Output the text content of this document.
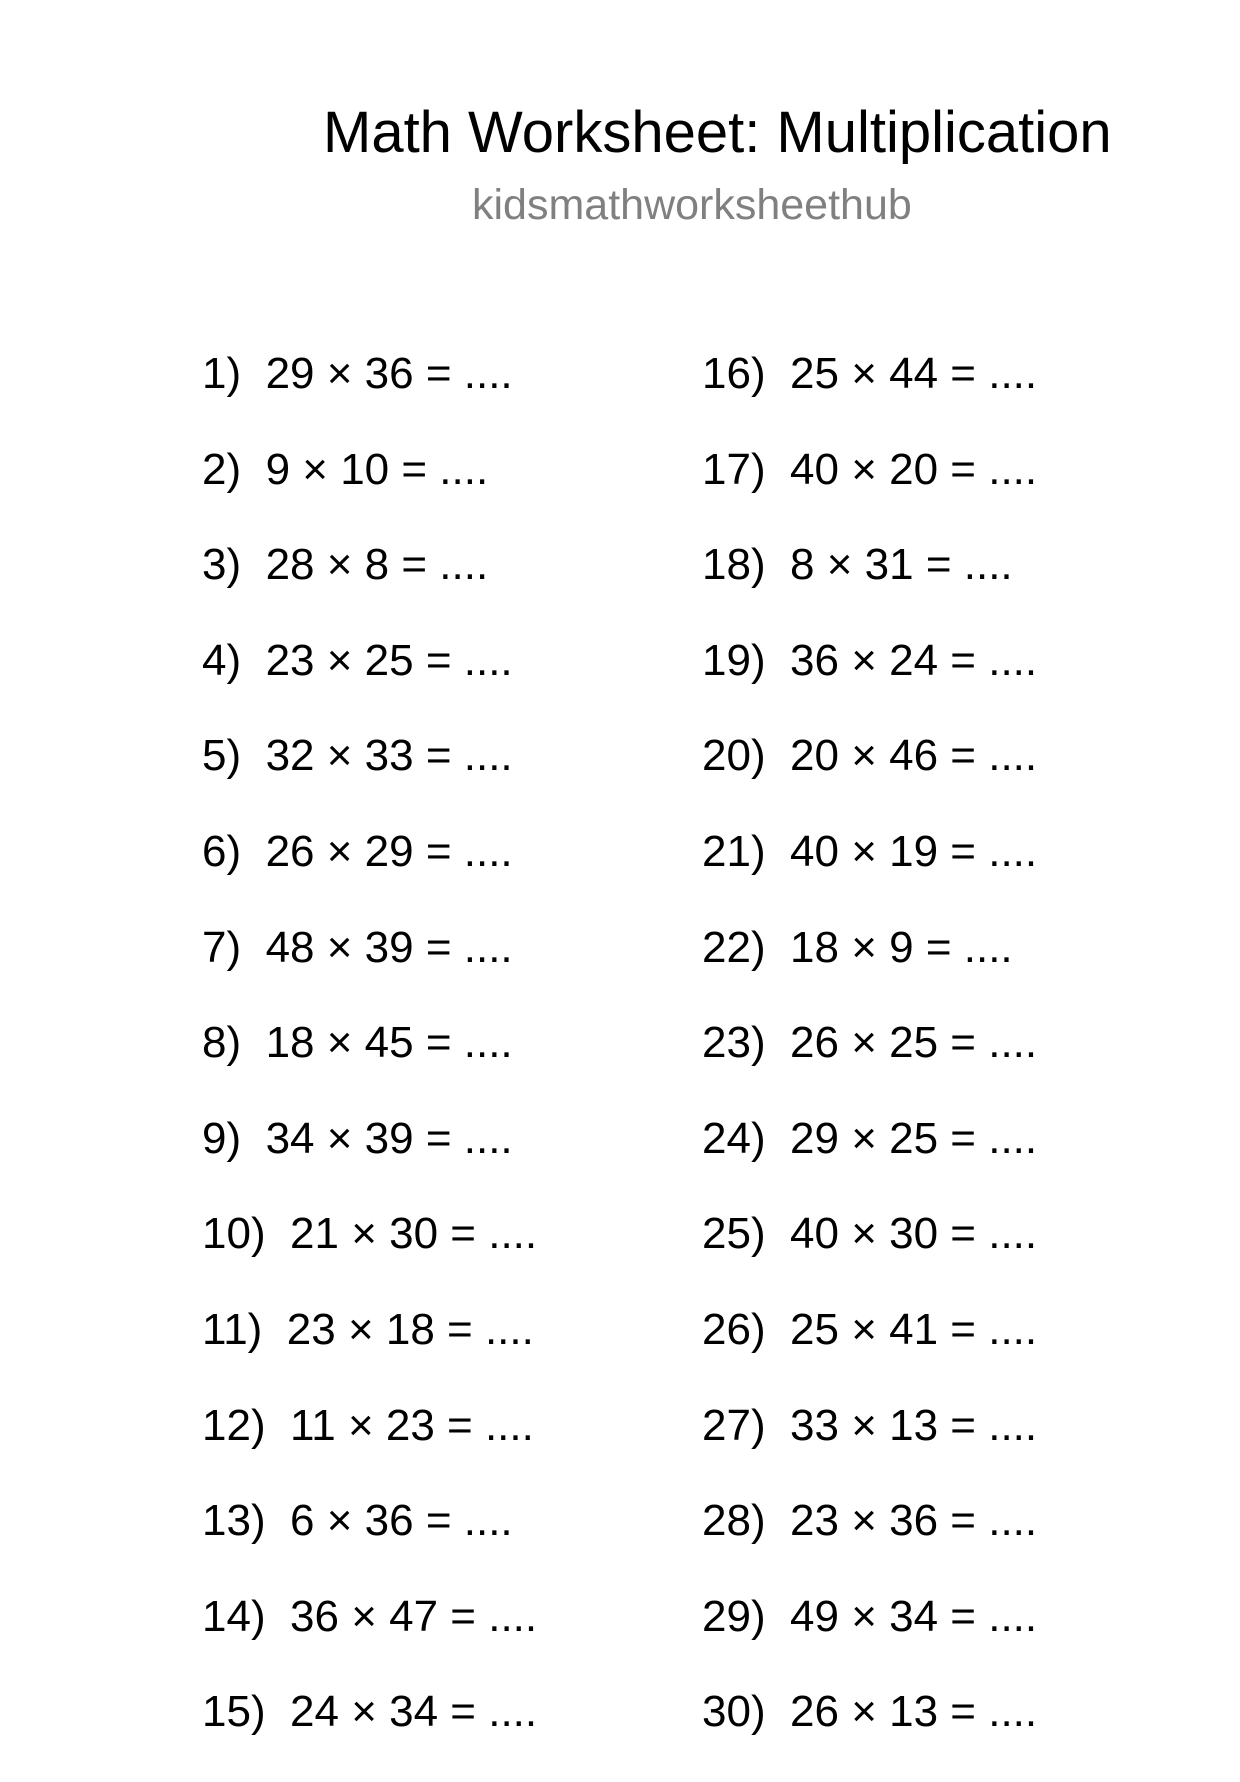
Math Worksheet: Multiplication
kidsmathworksheethub
1) 29 × 36 = ....
2) 9 × 10 = ....
3) 28 × 8 = ....
4) 23 × 25 = ....
5) 32 × 33 = ....
6) 26 × 29 = ....
7) 48 × 39 = ....
8) 18 × 45 = ....
9) 34 × 39 = ....
10) 21 × 30 = ....
11) 23 × 18 = ....
12) 11 × 23 = ....
13) 6 × 36 = ....
14) 36 × 47 = ....
15) 24 × 34 = ....
16) 25 × 44 = ....
17) 40 × 20 = ....
18) 8 × 31 = ....
19) 36 × 24 = ....
20) 20 × 46 = ....
21) 40 × 19 = ....
22) 18 × 9 = ....
23) 26 × 25 = ....
24) 29 × 25 = ....
25) 40 × 30 = ....
26) 25 × 41 = ....
27) 33 × 13 = ....
28) 23 × 36 = ....
29) 49 × 34 = ....
30) 26 × 13 = ....
